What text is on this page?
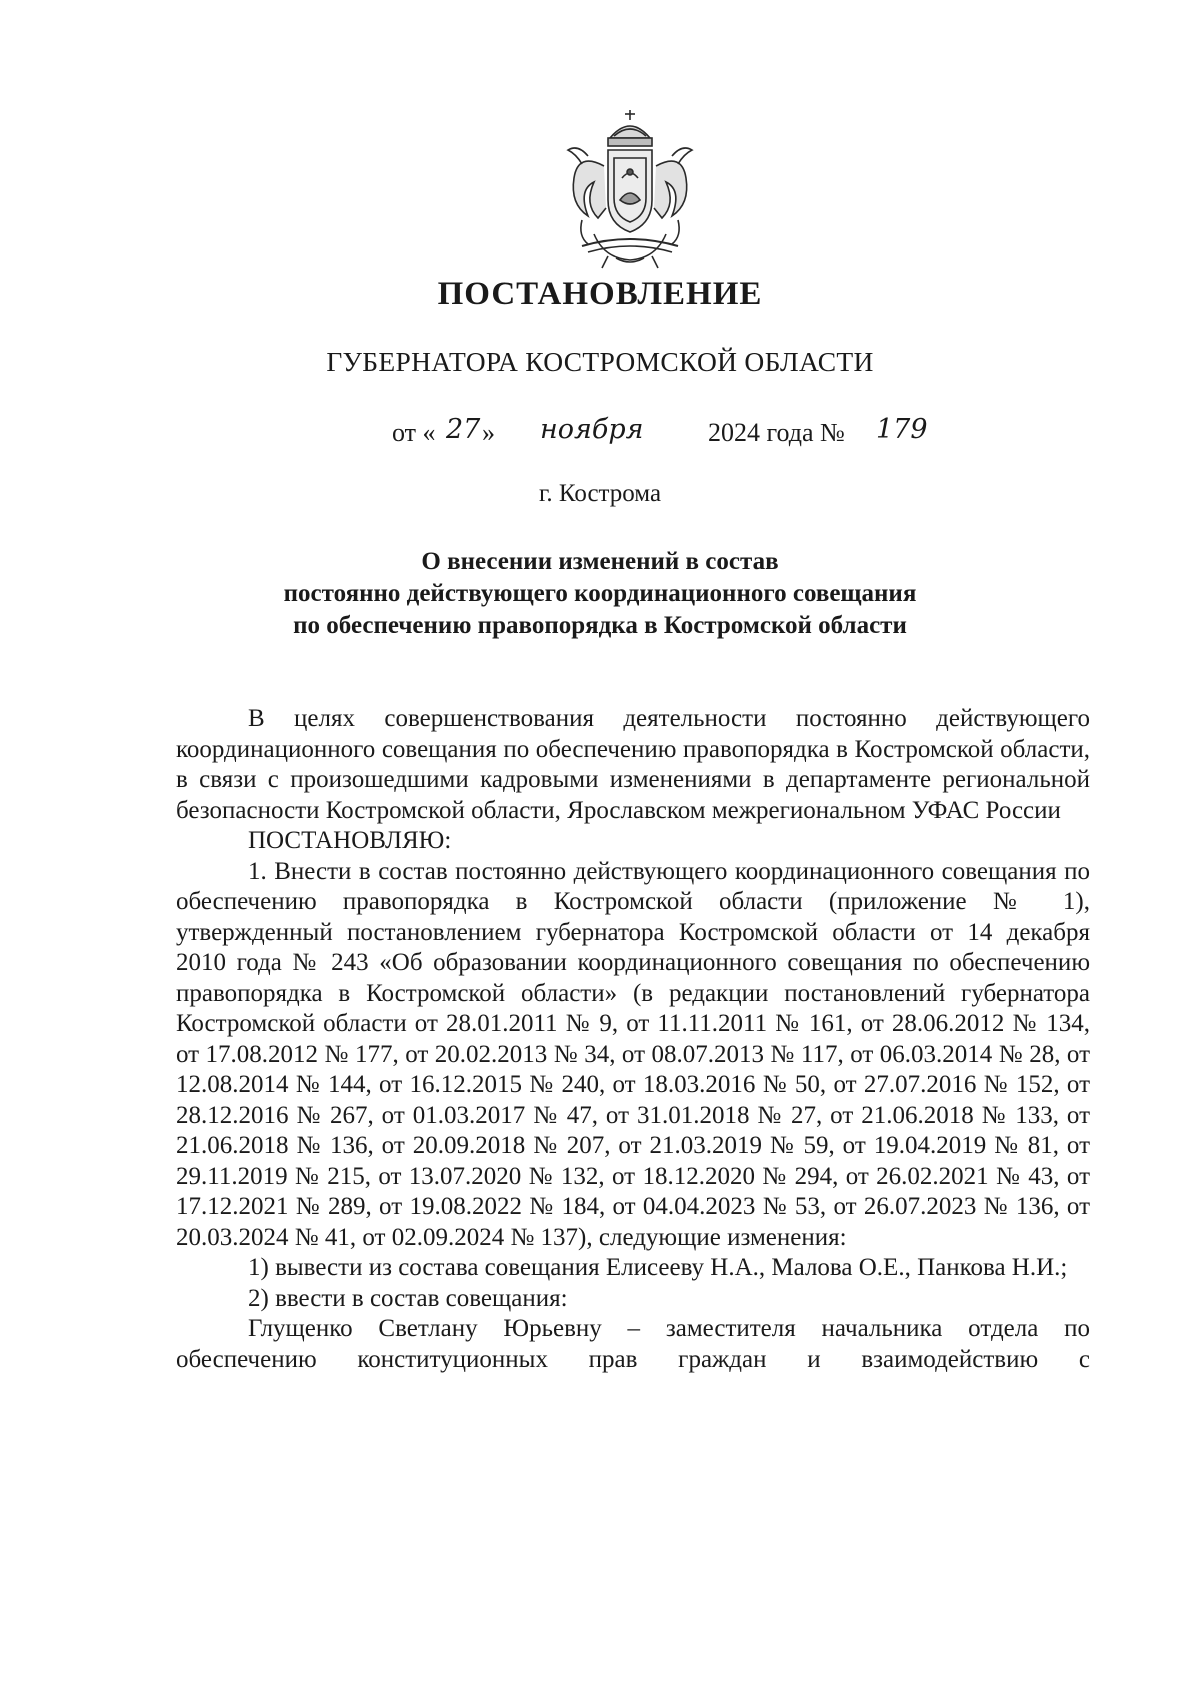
ПОСТАНОВЛЕНИЕ
ГУБЕРНАТОРА КОСТРОМСКОЙ ОБЛАСТИ
от « 27 » ноября 2024 года № 179
г. Кострома
О внесении изменений в состав
постоянно действующего координационного совещания
по обеспечению правопорядка в Костромской области

В целях совершенствования деятельности постоянно действующего координационного совещания по обеспечению правопорядка в Костромской области, в связи с произошедшими кадровыми изменениями в департаменте региональной безопасности Костромской области, Ярославском межрегиональном УФАС России

ПОСТАНОВЛЯЮ:

1. Внести в состав постоянно действующего координационного совещания по обеспечению правопорядка в Костромской области (приложение № 1), утвержденный постановлением губернатора Костромской области от 14 декабря 2010 года № 243 «Об образовании координационного совещания по обеспечению правопорядка в Костромской области» (в редакции постановлений губернатора Костромской области от 28.01.2011 № 9, от 11.11.2011 № 161, от 28.06.2012 № 134, от 17.08.2012 № 177, от 20.02.2013 № 34, от 08.07.2013 № 117, от 06.03.2014 № 28, от 12.08.2014 № 144, от 16.12.2015 № 240, от 18.03.2016 № 50, от 27.07.2016 № 152, от 28.12.2016 № 267, от 01.03.2017 № 47, от 31.01.2018 № 27, от 21.06.2018 № 133, от 21.06.2018 № 136, от 20.09.2018 № 207, от 21.03.2019 № 59, от 19.04.2019 № 81, от 29.11.2019 № 215, от 13.07.2020 № 132, от 18.12.2020 № 294, от 26.02.2021 № 43, от 17.12.2021 № 289, от 19.08.2022 № 184, от 04.04.2023 № 53, от 26.07.2023 № 136, от 20.03.2024 № 41, от 02.09.2024 № 137), следующие изменения:

1) вывести из состава совещания Елисееву Н.А., Малова О.Е., Панкова Н.И.;

2) ввести в состав совещания:

Глущенко Светлану Юрьевну – заместителя начальника отдела по обеспечению конституционных прав граждан и взаимодействию с
